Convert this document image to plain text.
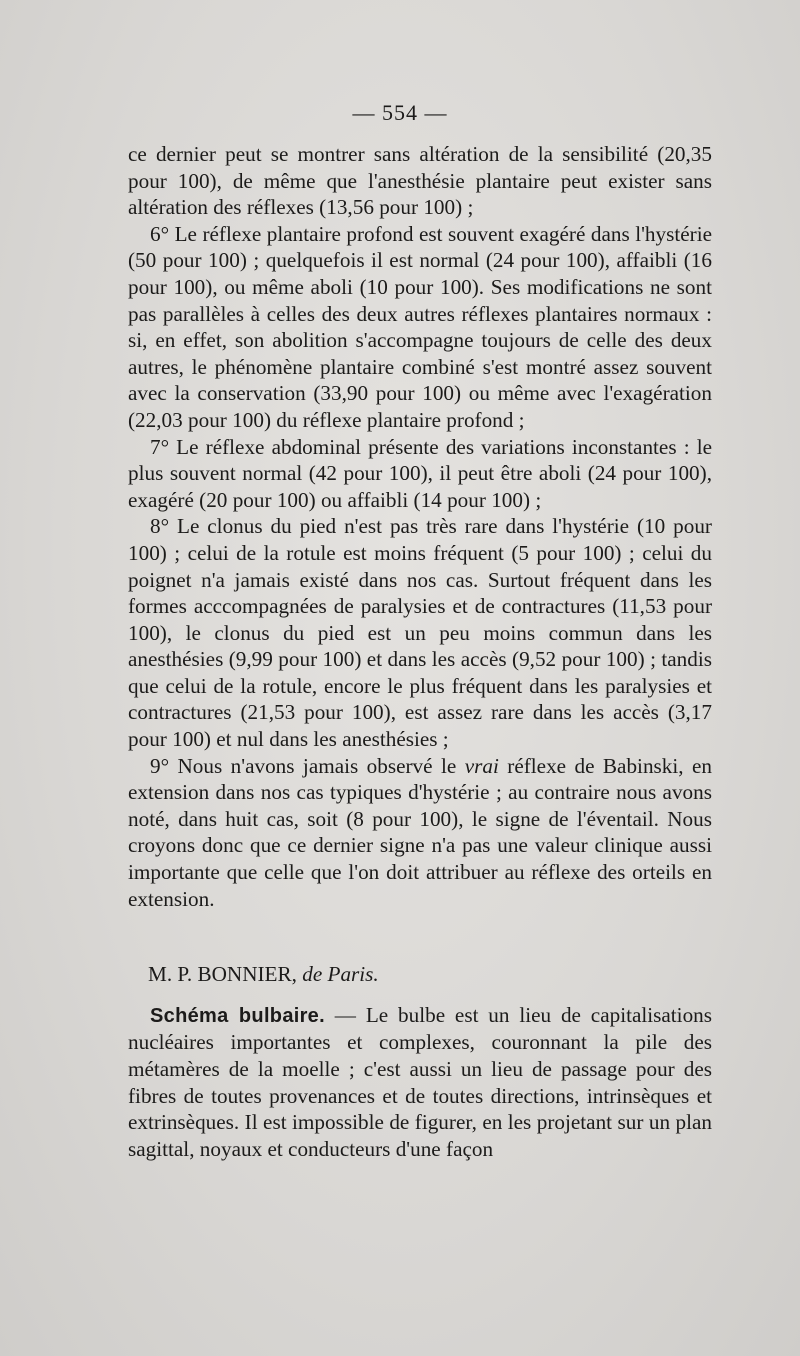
— 554 —

ce dernier peut se montrer sans altération de la sensibilité (20,35 pour 100), de même que l'anesthésie plantaire peut exister sans altération des réflexes (13,56 pour 100) ;

6° Le réflexe plantaire profond est souvent exagéré dans l'hystérie (50 pour 100) ; quelquefois il est normal (24 pour 100), affaibli (16 pour 100), ou même aboli (10 pour 100). Ses modifications ne sont pas parallèles à celles des deux autres réflexes plantaires normaux : si, en effet, son abolition s'accompagne toujours de celle des deux autres, le phénomène plantaire combiné s'est montré assez souvent avec la conservation (33,90 pour 100) ou même avec l'exagération (22,03 pour 100) du réflexe plantaire profond ;

7° Le réflexe abdominal présente des variations inconstantes : le plus souvent normal (42 pour 100), il peut être aboli (24 pour 100), exagéré (20 pour 100) ou affaibli (14 pour 100) ;

8° Le clonus du pied n'est pas très rare dans l'hystérie (10 pour 100) ; celui de la rotule est moins fréquent (5 pour 100) ; celui du poignet n'a jamais existé dans nos cas. Surtout fréquent dans les formes acccompagnées de paralysies et de contractures (11,53 pour 100), le clonus du pied est un peu moins commun dans les anesthésies (9,99 pour 100) et dans les accès (9,52 pour 100) ; tandis que celui de la rotule, encore le plus fréquent dans les paralysies et contractures (21,53 pour 100), est assez rare dans les accès (3,17 pour 100) et nul dans les anesthésies ;

9° Nous n'avons jamais observé le vrai réflexe de Babinski, en extension dans nos cas typiques d'hystérie ; au contraire nous avons noté, dans huit cas, soit (8 pour 100), le signe de l'éventail. Nous croyons donc que ce dernier signe n'a pas une valeur clinique aussi importante que celle que l'on doit attribuer au réflexe des orteils en extension.

M. P. BONNIER, de Paris.

Schéma bulbaire. — Le bulbe est un lieu de capitalisations nucléaires importantes et complexes, couronnant la pile des métamères de la moelle ; c'est aussi un lieu de passage pour des fibres de toutes provenances et de toutes directions, intrinsèques et extrinsèques. Il est impossible de figurer, en les projetant sur un plan sagittal, noyaux et conducteurs d'une façon
